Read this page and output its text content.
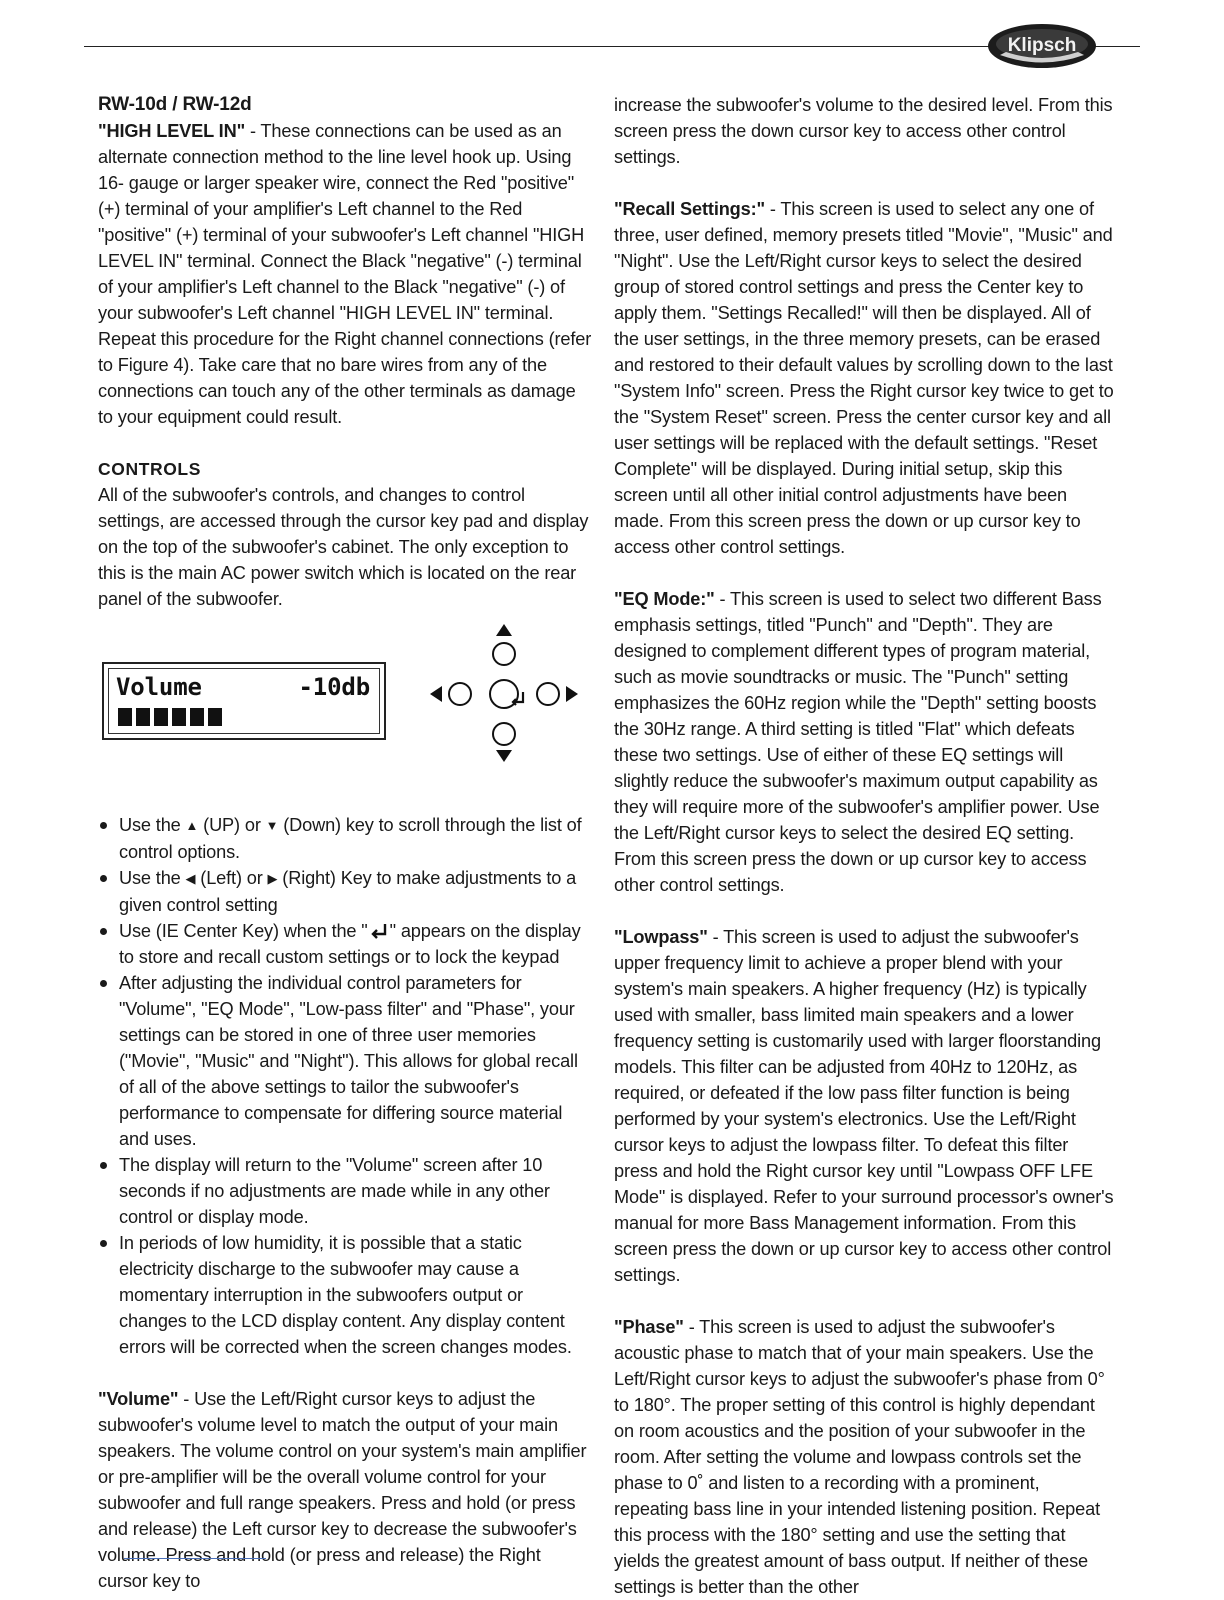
Klipsch

RW-10d / RW-12d

"HIGH LEVEL IN" - These connections can be used as an alternate connection method to the line level hook up. Using 16- gauge or larger speaker wire, connect the Red "positive" (+) terminal of your amplifier's Left channel to the Red "positive" (+) terminal of your subwoofer's Left channel "HIGH LEVEL IN" terminal. Connect the Black "negative" (-) terminal of your amplifier's Left channel to the Black "negative" (-) of your subwoofer's Left channel "HIGH LEVEL IN" terminal. Repeat this procedure for the Right channel connections (refer to Figure 4). Take care that no bare wires from any of the connections can touch any of the other terminals as damage to your equipment could result.

CONTROLS

All of the subwoofer's controls, and changes to control settings, are accessed through the cursor key pad and display on the top of the subwoofer's cabinet. The only exception to this is the main AC power switch which is located on the rear panel of the subwoofer.

Volume	-10db
Use the ▲ (UP) or ▼ (Down) key to scroll through the list of control options.
Use the ◀ (Left) or ▶ (Right) Key to make adjustments to a given control setting
Use (IE Center Key) when the " " appears on the display to store and recall custom settings or to lock the keypad
After adjusting the individual control parameters for "Volume", "EQ Mode", "Low-pass filter" and "Phase", your settings can be stored in one of three user memories ("Movie", "Music" and "Night"). This allows for global recall of all of the above settings to tailor the subwoofer's performance to compensate for differing source material and uses.
The display will return to the "Volume" screen after 10 seconds if no adjustments are made while in any other control or display mode.
In periods of low humidity, it is possible that a static electricity discharge to the subwoofer may cause a momentary interruption in the subwoofers output or changes to the LCD display content. Any display content errors will be corrected when the screen changes modes.

"Volume" - Use the Left/Right cursor keys to adjust the subwoofer's volume level to match the output of your main speakers. The volume control on your system's main amplifier or pre-amplifier will be the overall volume control for your subwoofer and full range speakers. Press and hold (or press and release) the Left cursor key to decrease the subwoofer's volume. Press and hold (or press and release) the Right cursor key to

increase the subwoofer's volume to the desired level. From this screen press the down cursor key to access other control settings.

"Recall Settings:" - This screen is used to select any one of three, user defined, memory presets titled "Movie", "Music" and "Night". Use the Left/Right cursor keys to select the desired group of stored control settings and press the Center key to apply them. "Settings Recalled!" will then be displayed. All of the user settings, in the three memory presets, can be erased and restored to their default values by scrolling down to the last "System Info" screen. Press the Right cursor key twice to get to the "System Reset" screen. Press the center cursor key and all user settings will be replaced with the default settings. "Reset Complete" will be displayed. During initial setup, skip this screen until all other initial control adjustments have been made. From this screen press the down or up cursor key to access other control settings.

"EQ Mode:" - This screen is used to select two different Bass emphasis settings, titled "Punch" and "Depth". They are designed to complement different types of program material, such as movie soundtracks or music. The "Punch" setting emphasizes the 60Hz region while the "Depth" setting boosts the 30Hz range. A third setting is titled "Flat" which defeats these two settings. Use of either of these EQ settings will slightly reduce the subwoofer's maximum output capability as they will require more of the subwoofer's amplifier power. Use the Left/Right cursor keys to select the desired EQ setting. From this screen press the down or up cursor key to access other control settings.

"Lowpass" - This screen is used to adjust the subwoofer's upper frequency limit to achieve a proper blend with your system's main speakers. A higher frequency (Hz) is typically used with smaller, bass limited main speakers and a lower frequency setting is customarily used with larger floorstanding models. This filter can be adjusted from 40Hz to 120Hz, as required, or defeated if the low pass filter function is being performed by your system's electronics. Use the Left/Right cursor keys to adjust the lowpass filter. To defeat this filter press and hold the Right cursor key until "Lowpass OFF LFE Mode" is displayed. Refer to your surround processor's owner's manual for more Bass Management information. From this screen press the down or up cursor key to access other control settings.

"Phase" - This screen is used to adjust the subwoofer's acoustic phase to match that of your main speakers. Use the Left/Right cursor keys to adjust the subwoofer's phase from 0° to 180°. The proper setting of this control is highly dependant on room acoustics and the position of your subwoofer in the room. After setting the volume and lowpass controls set the phase to 0˚ and listen to a recording with a prominent, repeating bass line in your intended listening position. Repeat this process with the 180° setting and use the setting that yields the greatest amount of bass output. If neither of these settings is better than the other
